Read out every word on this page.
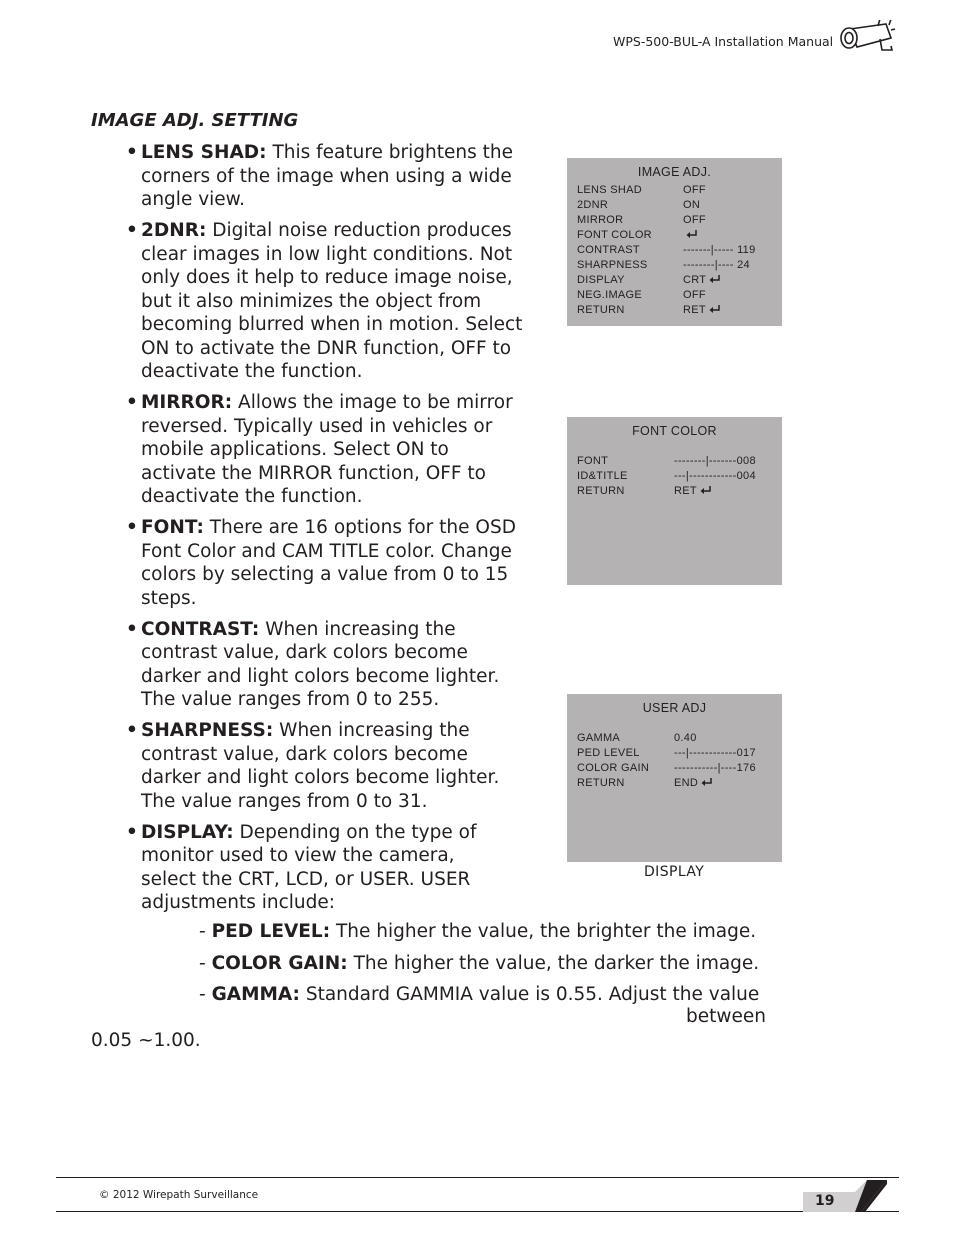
WPS-500-BUL-A Installation Manual
IMAGE ADJ. SETTING
• LENS SHAD: This feature brightens the corners of the image when using a wide angle view.
• 2DNR: Digital noise reduction produces clear images in low light conditions. Not only does it help to reduce image noise, but it also minimizes the object from becoming blurred when in motion. Select ON to activate the DNR function, OFF to deactivate the function.
• MIRROR: Allows the image to be mirror reversed. Typically used in vehicles or mobile applications. Select ON to activate the MIRROR function, OFF to deactivate the function.
• FONT: There are 16 options for the OSD Font Color and CAM TITLE color. Change colors by selecting a value from 0 to 15 steps.
• CONTRAST: When increasing the contrast value, dark colors become darker and light colors become lighter. The value ranges from 0 to 255.
• SHARPNESS: When increasing the contrast value, dark colors become darker and light colors become lighter. The value ranges from 0 to 31.
• DISPLAY: Depending on the type of monitor used to view the camera, select the CRT, LCD, or USER. USER adjustments include:
- PED LEVEL: The higher the value, the brighter the image.
- COLOR GAIN: The higher the value, the darker the image.
- GAMMA: Standard GAMMIA value is 0.55. Adjust the value
between
0.05 ~1.00.
IMAGE ADJ.
LENS SHAD	OFF
2DNR	ON
MIRROR	OFF
FONT COLOR
CONTRAST	-------|----- 119
SHARPNESS	--------|---- 24
DISPLAY	CRT
NEG.IMAGE	OFF
RETURN	RET
FONT COLOR
FONT	--------|-------008
ID&TITLE	---|------------004
RETURN	RET
USER ADJ
GAMMA	0.40
PED LEVEL	---|------------017
COLOR GAIN -----------|----176
RETURN	END
DISPLAY
© 2012 Wirepath Surveillance	19
